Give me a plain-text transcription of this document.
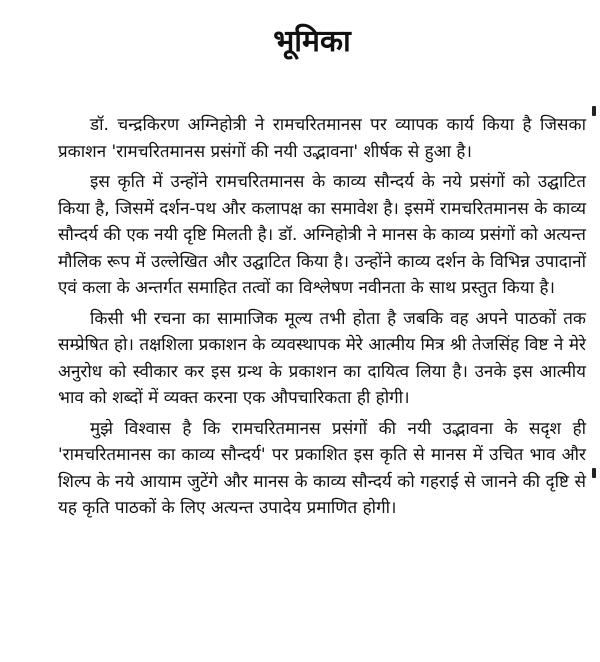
भूमिका

डॉ. चन्द्रकिरण अग्निहोत्री ने रामचरितमानस पर व्यापक कार्य किया है जिसका प्रकाशन 'रामचरितमानस प्रसंगों की नयी उद्भावना' शीर्षक से हुआ है।

इस कृति में उन्होंने रामचरितमानस के काव्य सौन्दर्य के नये प्रसंगों को उद्घाटित किया है, जिसमें दर्शन-पथ और कलापक्ष का समावेश है। इसमें रामचरितमानस के काव्य सौन्दर्य की एक नयी दृष्टि मिलती है। डॉ. अग्निहोत्री ने मानस के काव्य प्रसंगों को अत्यन्त मौलिक रूप में उल्लेखित और उद्घाटित किया है। उन्होंने काव्य दर्शन के विभिन्न उपादानों एवं कला के अन्तर्गत समाहित तत्वों का विश्लेषण नवीनता के साथ प्रस्तुत किया है।

किसी भी रचना का सामाजिक मूल्य तभी होता है जबकि वह अपने पाठकों तक सम्प्रेषित हो। तक्षशिला प्रकाशन के व्यवस्थापक मेरे आत्मीय मित्र श्री तेजसिंह विष्ट ने मेरे अनुरोध को स्वीकार कर इस ग्रन्थ के प्रकाशन का दायित्व लिया है। उनके इस आत्मीय भाव को शब्दों में व्यक्त करना एक औपचारिकता ही होगी।

मुझे विश्वास है कि रामचरितमानस प्रसंगों की नयी उद्भावना के सदृश ही 'रामचरितमानस का काव्य सौन्दर्य' पर प्रकाशित इस कृति से मानस में उचित भाव और शिल्प के नये आयाम जुटेंगे और मानस के काव्य सौन्दर्य को गहराई से जानने की दृष्टि से यह कृति पाठकों के लिए अत्यन्त उपादेय प्रमाणित होगी।
